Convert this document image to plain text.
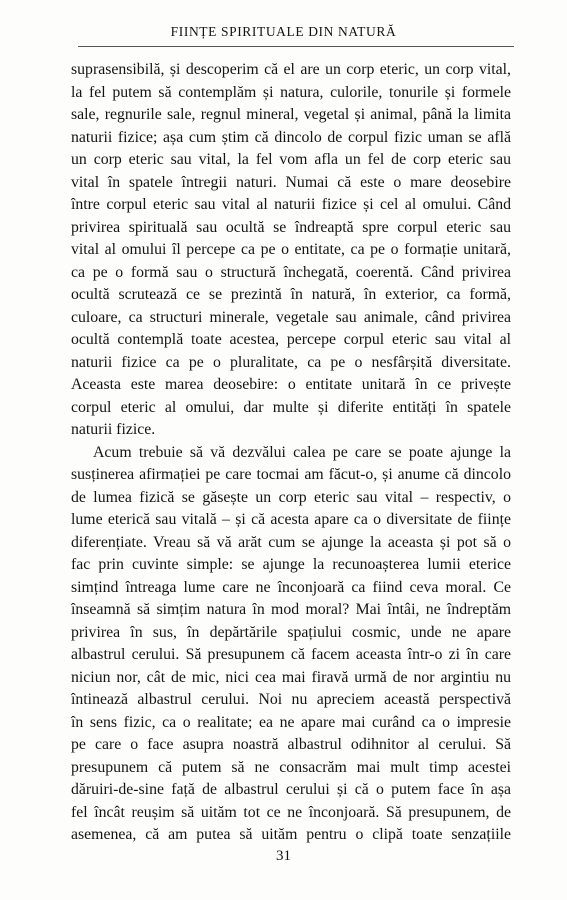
FIINȚE SPIRITUALE DIN NATURĂ
suprasensibilă, și descoperim că el are un corp eteric, un corp vital,
la fel putem să contemplăm și natura, culorile, tonurile și formele
sale, regnurile sale, regnul mineral, vegetal și animal, până la limita
naturii fizice; așa cum știm că dincolo de corpul fizic uman se află
un corp eteric sau vital, la fel vom afla un fel de corp eteric sau
vital în spatele întregii naturi. Numai că este o mare deosebire
între corpul eteric sau vital al naturii fizice și cel al omului. Când
privirea spirituală sau ocultă se îndreaptă spre corpul eteric sau
vital al omului îl percepe ca pe o entitate, ca pe o formație unitară,
ca pe o formă sau o structură închegată, coerentă. Când privirea
ocultă scrutează ce se prezintă în natură, în exterior, ca formă,
culoare, ca structuri minerale, vegetale sau animale, când privirea
ocultă contemplă toate acestea, percepe corpul eteric sau vital al
naturii fizice ca pe o pluralitate, ca pe o nesfârșită diversitate.
Aceasta este marea deosebire: o entitate unitară în ce privește
corpul eteric al omului, dar multe și diferite entități în spatele
naturii fizice.
Acum trebuie să vă dezvălui calea pe care se poate ajunge la
susținerea afirmației pe care tocmai am făcut-o, și anume că dincolo
de lumea fizică se găsește un corp eteric sau vital – respectiv, o
lume eterică sau vitală – și că acesta apare ca o diversitate de ființe
diferențiate. Vreau să vă arăt cum se ajunge la aceasta și pot să o
fac prin cuvinte simple: se ajunge la recunoașterea lumii eterice
simțind întreaga lume care ne înconjoară ca fiind ceva moral. Ce
înseamnă să simțim natura în mod moral? Mai întâi, ne îndreptăm
privirea în sus, în depărtările spațiului cosmic, unde ne apare
albastrul cerului. Să presupunem că facem aceasta într-o zi în care
niciun nor, cât de mic, nici cea mai firavă urmă de nor argintiu nu
întinează albastrul cerului. Noi nu apreciem această perspectivă
în sens fizic, ca o realitate; ea ne apare mai curând ca o impresie
pe care o face asupra noastră albastrul odihnitor al cerului. Să
presupunem că putem să ne consacrăm mai mult timp acestei
dăruiri-de-sine față de albastrul cerului și că o putem face în așa
fel încât reușim să uităm tot ce ne înconjoară. Să presupunem, de
asemenea, că am putea să uităm pentru o clipă toate senzațiile
31
